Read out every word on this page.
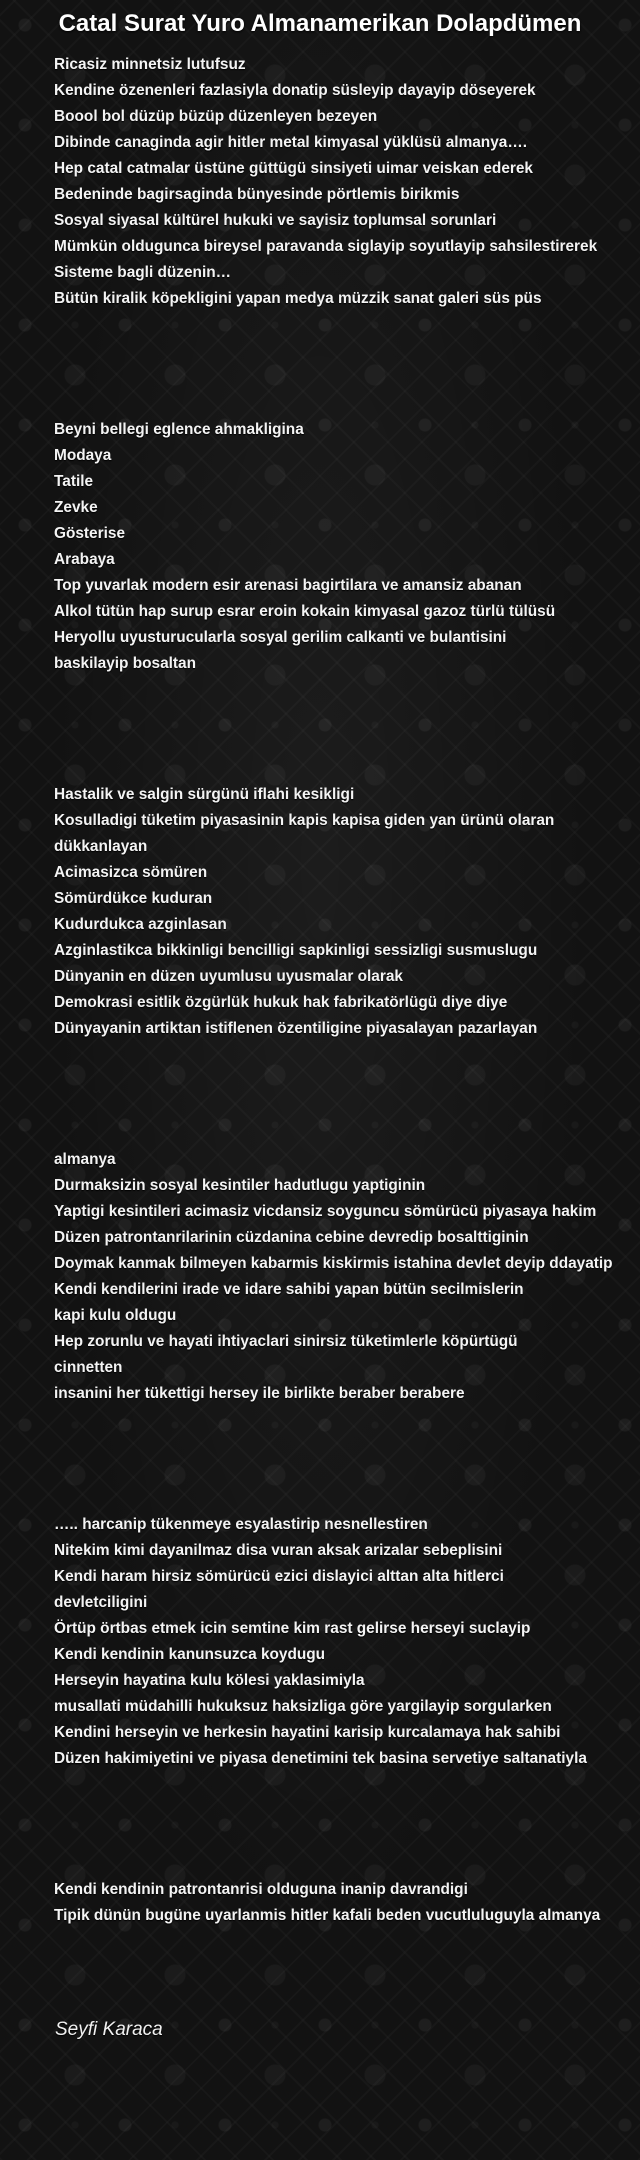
Catal Surat Yuro Almanamerikan Dolapdümen
Ricasiz minnetsiz lutufsuz
Kendine özenenleri fazlasiyla donatip süsleyip dayayip döseyerek
Boool bol düzüp büzüp düzenleyen bezeyen
Dibinde canaginda agir hitler metal kimyasal yüklüsü almanya….
Hep catal catmalar üstüne güttügü sinsiyeti uimar veiskan ederek
Bedeninde bagirsaginda bünyesinde pörtlemis birikmis
Sosyal siyasal kültürel hukuki ve sayisiz toplumsal sorunlari
Mümkün oldugunca bireysel paravanda siglayip soyutlayip sahsilestirerek
Sisteme bagli düzenin…
Bütün kiralik köpekligini yapan medya müzzik sanat galeri süs püs
Beyni bellegi eglence ahmakligina
Modaya
Tatile
Zevke
Gösterise
Arabaya
Top yuvarlak modern esir arenasi bagirtilara ve amansiz abanan
Alkol tütün hap surup esrar eroin kokain kimyasal gazoz türlü tülüsü
Heryollu uyusturucularla sosyal gerilim calkanti ve bulantisini
baskilayip bosaltan
Hastalik ve salgin sürgünü iflahi kesikligi
Kosulladigi tüketim piyasasinin kapis kapisa giden yan ürünü olaran
dükkanlayan
Acimasizca sömüren
Sömürdükce kuduran
Kudurdukca azginlasan
Azginlastikca bikkinligi bencilligi sapkinligi sessizligi susmuslugu
Dünyanin en düzen uyumlusu uyusmalar olarak
Demokrasi esitlik özgürlük hukuk hak fabrikatörlügü diye diye
Dünyayanin artiktan istiflenen özentiligine piyasalayan pazarlayan
almanya
Durmaksizin sosyal kesintiler hadutlugu yaptiginin
Yaptigi kesintileri acimasiz vicdansiz soyguncu sömürücü piyasaya hakim
Düzen patrontanrilarinin cüzdanina cebine devredip bosalttiginin
Doymak kanmak bilmeyen kabarmis kiskirmis istahina devlet deyip ddayatip
Kendi kendilerini irade ve idare sahibi yapan bütün secilmislerin
kapi kulu oldugu
Hep zorunlu ve hayati ihtiyaclari sinirsiz tüketimlerle köpürtügü
cinnetten
insanini her tükettigi hersey ile birlikte beraber berabere
….. harcanip tükenmeye esyalastirip nesnellestiren
Nitekim kimi dayanilmaz disa vuran aksak arizalar sebeplisini
Kendi haram hirsiz sömürücü ezici dislayici alttan alta hitlerci
devletciligini
Örtüp örtbas etmek icin semtine kim rast gelirse herseyi suclayip
Kendi kendinin kanunsuzca koydugu
Herseyin hayatina kulu kölesi yaklasimiyla
musallati müdahilli hukuksuz haksizliga göre yargilayip sorgularken
Kendini herseyin ve herkesin hayatini karisip kurcalamaya hak sahibi
Düzen hakimiyetini ve piyasa denetimini tek basina servetiye saltanatiyla
Kendi kendinin patrontanrisi olduguna inanip davrandigi
Tipik dünün bugüne uyarlanmis hitler kafali beden vucutluluguyla almanya
Seyfi Karaca
